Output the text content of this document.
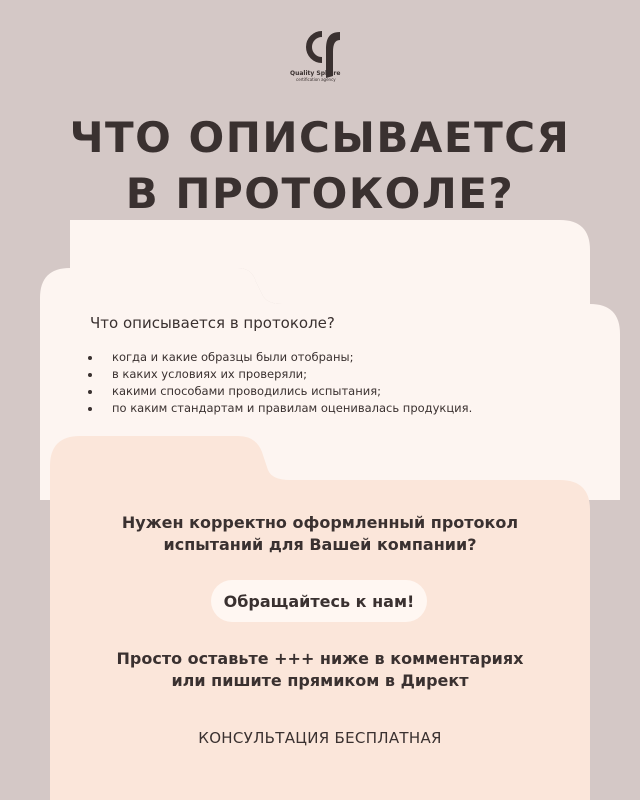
Quality Sphere
certification agency
ЧТО ОПИСЫВАЕТСЯ
В ПРОТОКОЛЕ?
Что описывается в протоколе?
когда и какие образцы были отобраны;
в каких условиях их проверяли;
какими способами проводились испытания;
по каким стандартам и правилам оценивалась продукция.
Нужен корректно оформленный протокол
испытаний для Вашей компании?
Обращайтесь к нам!
Просто оставьте +++ ниже в комментариях
или пишите прямиком в Директ
КОНСУЛЬТАЦИЯ БЕСПЛАТНАЯ
